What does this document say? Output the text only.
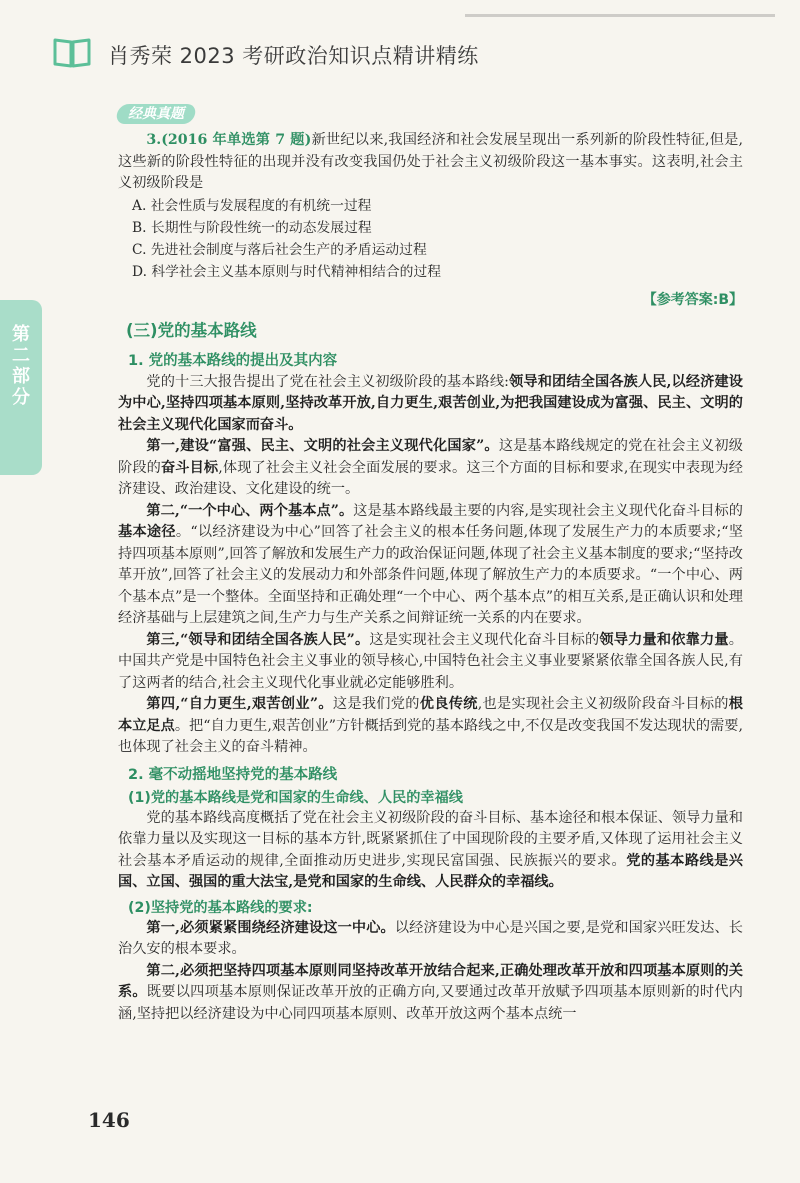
肖秀荣 2023 考研政治知识点精讲精练
第二部分
经典真题

3.(2016 年单选第 7 题)新世纪以来,我国经济和社会发展呈现出一系列新的阶段性特征,但是,这些新的阶段性特征的出现并没有改变我国仍处于社会主义初级阶段这一基本事实。这表明,社会主义初级阶段是

A. 社会性质与发展程度的有机统一过程

B. 长期性与阶段性统一的动态发展过程

C. 先进社会制度与落后社会生产的矛盾运动过程

D. 科学社会主义基本原则与时代精神相结合的过程

【参考答案:B】
(三)党的基本路线
1. 党的基本路线的提出及其内容

党的十三大报告提出了党在社会主义初级阶段的基本路线:领导和团结全国各族人民,以经济建设为中心,坚持四项基本原则,坚持改革开放,自力更生,艰苦创业,为把我国建设成为富强、民主、文明的社会主义现代化国家而奋斗。

第一,建设“富强、民主、文明的社会主义现代化国家”。这是基本路线规定的党在社会主义初级阶段的奋斗目标,体现了社会主义社会全面发展的要求。这三个方面的目标和要求,在现实中表现为经济建设、政治建设、文化建设的统一。

第二,“一个中心、两个基本点”。这是基本路线最主要的内容,是实现社会主义现代化奋斗目标的基本途径。“以经济建设为中心”回答了社会主义的根本任务问题,体现了发展生产力的本质要求;“坚持四项基本原则”,回答了解放和发展生产力的政治保证问题,体现了社会主义基本制度的要求;“坚持改革开放”,回答了社会主义的发展动力和外部条件问题,体现了解放生产力的本质要求。“一个中心、两个基本点”是一个整体。全面坚持和正确处理“一个中心、两个基本点”的相互关系,是正确认识和处理经济基础与上层建筑之间,生产力与生产关系之间辩证统一关系的内在要求。

第三,“领导和团结全国各族人民”。这是实现社会主义现代化奋斗目标的领导力量和依靠力量。中国共产党是中国特色社会主义事业的领导核心,中国特色社会主义事业要紧紧依靠全国各族人民,有了这两者的结合,社会主义现代化事业就必定能够胜利。

第四,“自力更生,艰苦创业”。这是我们党的优良传统,也是实现社会主义初级阶段奋斗目标的根本立足点。把“自力更生,艰苦创业”方针概括到党的基本路线之中,不仅是改变我国不发达现状的需要,也体现了社会主义的奋斗精神。

2. 毫不动摇地坚持党的基本路线
(1)党的基本路线是党和国家的生命线、人民的幸福线

党的基本路线高度概括了党在社会主义初级阶段的奋斗目标、基本途径和根本保证、领导力量和依靠力量以及实现这一目标的基本方针,既紧紧抓住了中国现阶段的主要矛盾,又体现了运用社会主义社会基本矛盾运动的规律,全面推动历史进步,实现民富国强、民族振兴的要求。党的基本路线是兴国、立国、强国的重大法宝,是党和国家的生命线、人民群众的幸福线。

(2)坚持党的基本路线的要求:

第一,必须紧紧围绕经济建设这一中心。以经济建设为中心是兴国之要,是党和国家兴旺发达、长治久安的根本要求。

第二,必须把坚持四项基本原则同坚持改革开放结合起来,正确处理改革开放和四项基本原则的关系。既要以四项基本原则保证改革开放的正确方向,又要通过改革开放赋予四项基本原则新的时代内涵,坚持把以经济建设为中心同四项基本原则、改革开放这两个基本点统一

146
